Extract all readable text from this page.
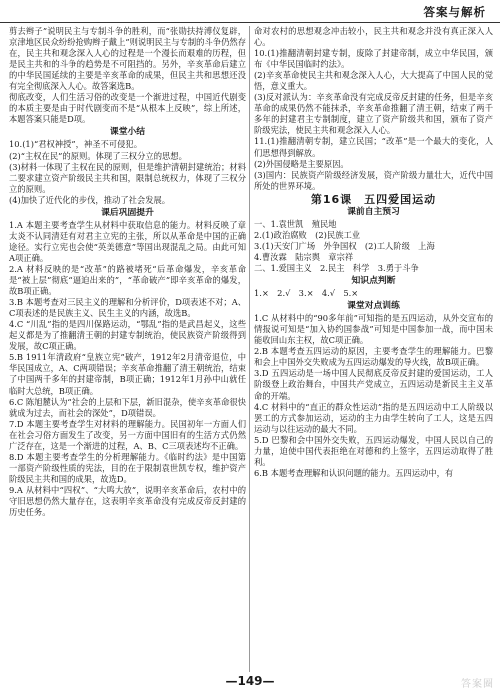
答案与解析

剪去辫子”说明民主与专制斗争的胜利，而“张勋扶持溥仪复辟，京津地区民众纷纷抢购辫子戴上”则说明民主与专制的斗争仍然存在，民主共和观念深入人心的过程是一个漫长而艰难的历程，但是民主共和的斗争的趋势是不可阻挡的。另外，辛亥革命后建立的中华民国延续的主要是辛亥革命的成果，但民主共和思想还没有完全彻底深入人心。故答案选B。

彻底改变，人们生活习俗的改变是一个渐进过程，中国近代剧变的本质主要是由于时代剧变而不是“从根本上反映”，综上所述，本题答案只能是D项。

课堂小结

10.(1)“君权神授”，神圣不可侵犯。

(2)“主权在民”的原则。体现了三权分立的思想。

(3)材料一体现了主权在民的原则，但是维护清朝封建统治；材料二要求建立资产阶级民主共和国，限制总统权力，体现了三权分立的原则。

(4)加快了近代化的步伐，推动了社会发展。

课后巩固提升

1.A 本题主要考查学生从材料中获取信息的能力。材料反映了章太炎不认同清廷有对君主立宪的主张，所以从革命是中国的正确途径。实行立宪也会使“英美德意”等国出现混乱之局。由此可知A项正确。

2.A 材料反映的是“改革”的路被堵死“后革命爆发，辛亥革命是“被上层”彻底“逼迫出来的”，“革命破产”即辛亥革命的爆发，故B项正确。

3.B 本题考查对三民主义的理解和分析评价，D项表述不对；A、C项表述的是民族主义、民生主义的内涵，故选B。

4.C “川乱”指的是四川保路运动，“鄂乱”指的是武昌起义，这些起义都是为了推翻清王朝的封建专制统治，使民族资产阶级得到发展，故C项正确。

5.B 1911年清政府“皇族立宪”破产，1912年2月清帝退位，中华民国成立，A、C两项错误；辛亥革命推翻了清王朝统治，结束了中国两千多年的封建帝制，B项正确；1912年1月孙中山就任临时大总统，B项正确。

6.C 陈旭麓认为“社会的上层和下层，新旧混杂，使辛亥革命很快就成为过去，而社会的深处”，D项错误。

7.D 本题主要考查学生对材料的理解能力。民国初年一方面人们在社会习俗方面发生了改变，另一方面中国旧有的生活方式仍然广泛存在，这是一个渐进的过程，A、B、C三项表述均不正确。

8.D 本题主要考查学生的分析理解能力。《临时约法》是中国第一部资产阶级性质的宪法，目的在于限制袁世凯专权，维护资产阶级民主共和国的成果，故选D。

9.A 从材料中“四权”、“大鸣大放”，说明辛亥革命后，农村中的守旧思想仍然大量存在，这表明辛亥革命没有完成反帝反封建的历史任务。

命对农村的思想观念冲击较小，民主共和观念并没有真正深入人心。

10.(1)推翻清朝封建专制，废除了封建帝制，成立中华民国，颁布《中华民国临时约法》。

(2)辛亥革命使民主共和观念深入人心，大大提高了中国人民的觉悟，意义重大。

(3)反对派认为：辛亥革命没有完成反帝反封建的任务，但是辛亥革命的成果仍然不能抹杀，辛亥革命推翻了清王朝，结束了两千多年的封建君主专制制度，建立了资产阶级共和国，颁布了资产阶级宪法，使民主共和观念深入人心。

11.(1)推翻清朝专制，建立民国；“改革”是一个最大的变化，人们思想得到解放。

(2)外国侵略是主要原因。

(3)国内：民族资产阶级经济发展，资产阶级力量壮大，近代中国所处的世界环境。

第16课　五四爱国运动

课前自主预习

一、1.袁世凯　殖民地

2.(1)政治腐败　(2)民族工业

3.(1)天安门广场　外争国权　(2)工人阶级　上海

4.曹汝霖　陆宗舆　章宗祥

二、1.爱国主义　2.民主　科学　3.勇于斗争

知识点判断

1.×　2.√　3.×　4.√　5.×

课堂对点训练

1.C 从材料中的“90多年前”可知指的是五四运动，从外交宣布的情报说可知是“加入协约国参战”可知是中国参加一战，而中国未能收回山东主权，故C项正确。

2.B 本题考查五四运动的原因，主要考查学生的理解能力。巴黎和会上中国外交失败成为五四运动爆发的导火线，故B项正确。

3.D 五四运动是一场中国人民彻底反帝反封建的爱国运动，工人阶级登上政治舞台，中国共产党成立，五四运动是新民主主义革命的开端。

4.C 材料中的“直正的群众性运动”指的是五四运动中工人阶级以罢工的方式参加运动，运动的主力由学生转向了工人，这是五四运动与以往运动的最大不同。

5.D 巴黎和会中国外交失败，五四运动爆发，中国人民以自己的力量，迫使中国代表拒绝在对德和约上签字，五四运动取得了胜利。

6.B 本题考查理解和认识问题的能力。五四运动中，有

—149—	答案圈
